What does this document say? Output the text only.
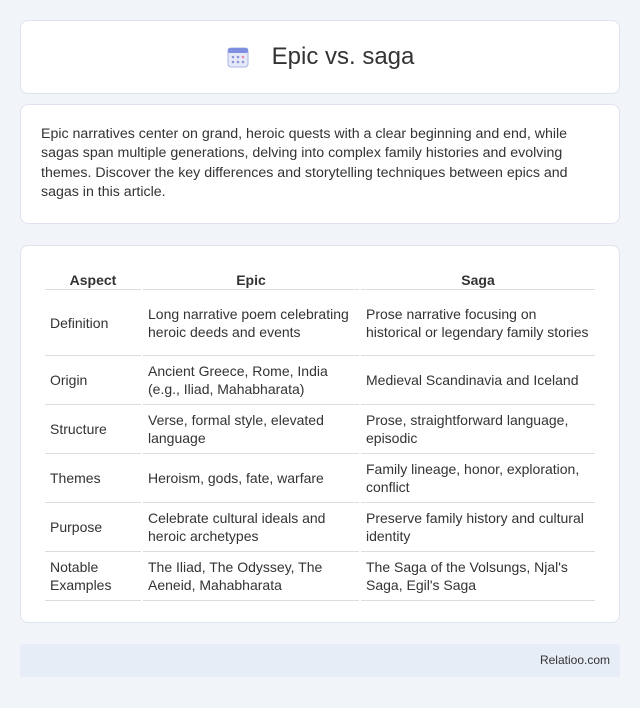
Epic vs. saga

Epic narratives center on grand, heroic quests with a clear beginning and end, while sagas span multiple generations, delving into complex family histories and evolving themes. Discover the key differences and storytelling techniques between epics and sagas in this article.

Aspect	Epic	Saga
Definition	Long narrative poem celebrating heroic deeds and events	Prose narrative focusing on historical or legendary family stories
Origin	Ancient Greece, Rome, India (e.g., Iliad, Mahabharata)	Medieval Scandinavia and Iceland
Structure	Verse, formal style, elevated language	Prose, straightforward language, episodic
Themes	Heroism, gods, fate, warfare	Family lineage, honor, exploration, conflict
Purpose	Celebrate cultural ideals and heroic archetypes	Preserve family history and cultural identity
Notable Examples	The Iliad, The Odyssey, The Aeneid, Mahabharata	The Saga of the Volsungs, Njal's Saga, Egil's Saga
Relatioo.com
